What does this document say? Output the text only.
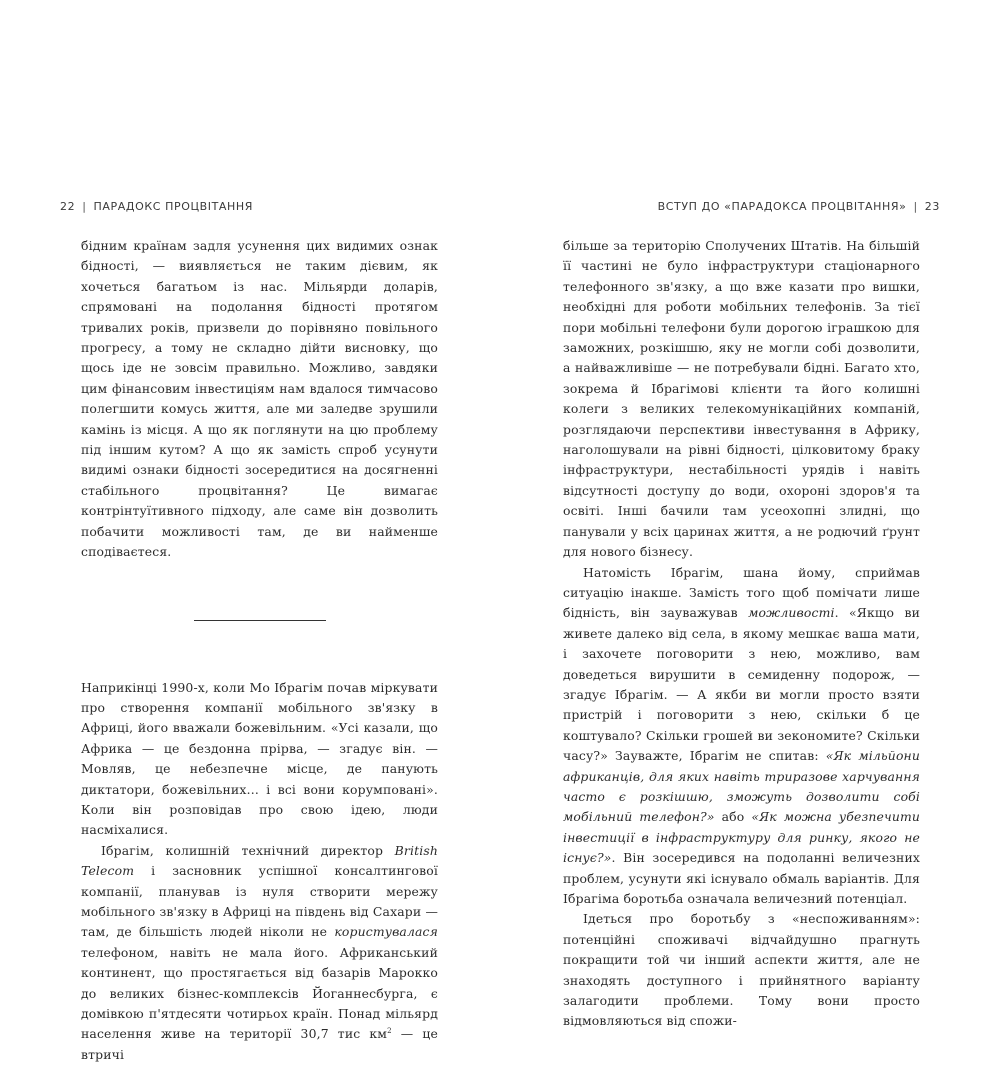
22 | ПАРАДОКС ПРОЦВІТАННЯ	ВСТУП ДО «ПАРАДОКСА ПРОЦВІТАННЯ» | 23

бідним країнам задля усунення цих видимих ознак бідності, — виявляється не таким дієвим, як хочеться багатьом із нас. Мільярди доларів, спрямовані на подолання бідності протягом тривалих років, призвели до порівняно повільного прогресу, а тому не складно дійти висновку, що щось іде не зовсім правильно. Можливо, завдяки цим фінансовим інвестиціям нам вдалося тимчасово полегшити комусь життя, але ми заледве зрушили камінь із місця. А що як поглянути на цю проблему під іншим кутом? А що як замість спроб усунути видимі ознаки бідності зосередитися на досягненні стабільного процвітання? Це вимагає контрінтуїтивного підходу, але саме він дозволить побачити можливості там, де ви найменше сподіваєтеся.

Наприкінці 1990-х, коли Мо Ібрагім почав міркувати про створення компанії мобільного зв'язку в Африці, його вважали божевільним. «Усі казали, що Африка — це бездонна прірва, — згадує він. — Мовляв, це небезпечне місце, де панують диктатори, божевільних… і всі вони корумповані». Коли він розповідав про свою ідею, люди насміхалися.

Ібрагім, колишній технічний директор British Telecom і засновник успішної консалтингової компанії, планував із нуля створити мережу мобільного зв'язку в Африці на південь від Сахари — там, де більшість людей ніколи не користувалася телефоном, навіть не мала його. Африканський континент, що простягається від базарів Марокко до великих бізнес-комплексів Йоганнесбурга, є домівкою п'ятдесяти чотирьох країн. Понад мільярд населення живе на території 30,7 тис $км^2$ — це втричі

більше за територію Сполучених Штатів. На більшій її частині не було інфраструктури стаціонарного телефонного зв'язку, а що вже казати про вишки, необхідні для роботи мобільних телефонів. За тієї пори мобільні телефони були дорогою іграшкою для заможних, розкішшю, яку не могли собі дозволити, а найважливіше — не потребували бідні. Багато хто, зокрема й Ібрагімові клієнти та його колишні колеги з великих телекомунікаційних компаній, розглядаючи перспективи інвестування в Африку, наголошували на рівні бідності, цілковитому браку інфраструктури, нестабільності урядів і навіть відсутності доступу до води, охороні здоров'я та освіті. Інші бачили там усеохопні злидні, що панували у всіх царинах життя, а не родючий ґрунт для нового бізнесу.

Натомість Ібрагім, шана йому, сприймав ситуацію інакше. Замість того щоб помічати лише бідність, він зауважував можливості. «Якщо ви живете далеко від села, в якому мешкає ваша мати, і захочете поговорити з нею, можливо, вам доведеться вирушити в семиденну подорож, — згадує Ібрагім. — А якби ви могли просто взяти пристрій і поговорити з нею, скільки б це коштувало? Скільки грошей ви зекономите? Скільки часу?» Зауважте, Ібрагім не спитав: «Як мільйони африканців, для яких навіть триразове харчування часто є розкішшю, зможуть дозволити собі мобільний телефон?» або «Як можна убезпечити інвестиції в інфраструктуру для ринку, якого не існує?». Він зосередився на подоланні величезних проблем, усунути які існувало обмаль варіантів. Для Ібрагіма боротьба означала величезний потенціал.

Ідеться про боротьбу з «неспоживанням»: потенційні споживачі відчайдушно прагнуть покращити той чи інший аспекти життя, але не знаходять доступного і прийнятного варіанту залагодити проблеми. Тому вони просто відмовляються від спожи-
